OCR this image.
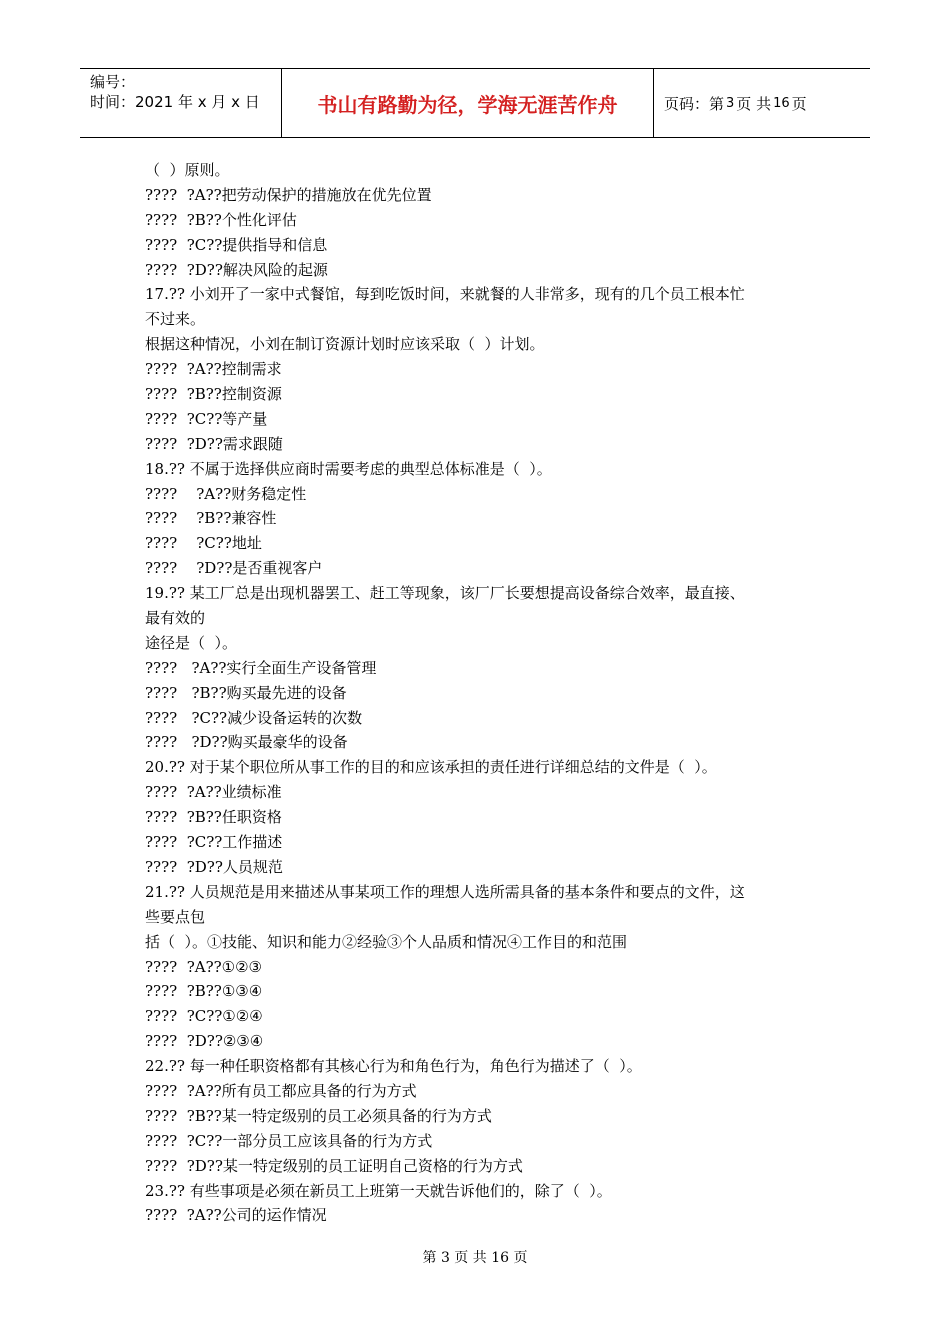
编号：
时间：2021 年 x 月 x 日	书山有路勤为径，学海无涯苦作舟	页码：第 3 页 共 16 页
（  ）原则。
????  ?A??把劳动保护的措施放在优先位置
????  ?B??个性化评估
????  ?C??提供指导和信息
????  ?D??解决风险的起源
17.?? 小刘开了一家中式餐馆，每到吃饭时间，来就餐的人非常多，现有的几个员工根本忙
不过来。
根据这种情况，小刘在制订资源计划时应该采取（  ）计划。
????  ?A??控制需求
????  ?B??控制资源
????  ?C??等产量
????  ?D??需求跟随
18.?? 不属于选择供应商时需要考虑的典型总体标准是（  ）。
????    ?A??财务稳定性
????    ?B??兼容性
????    ?C??地址
????    ?D??是否重视客户
19.?? 某工厂总是出现机器罢工、赶工等现象，该厂厂长要想提高设备综合效率，最直接、
最有效的
途径是（  ）。
????   ?A??实行全面生产设备管理
????   ?B??购买最先进的设备
????   ?C??减少设备运转的次数
????   ?D??购买最豪华的设备
20.?? 对于某个职位所从事工作的目的和应该承担的责任进行详细总结的文件是（  ）。
????  ?A??业绩标准
????  ?B??任职资格
????  ?C??工作描述
????  ?D??人员规范
21.?? 人员规范是用来描述从事某项工作的理想人选所需具备的基本条件和要点的文件，这
些要点包
括（  ）。①技能、知识和能力②经验③个人品质和情况④工作目的和范围
????  ?A??①②③
????  ?B??①③④
????  ?C??①②④
????  ?D??②③④
22.?? 每一种任职资格都有其核心行为和角色行为，角色行为描述了（  ）。
????  ?A??所有员工都应具备的行为方式
????  ?B??某一特定级别的员工必须具备的行为方式
????  ?C??一部分员工应该具备的行为方式
????  ?D??某一特定级别的员工证明自己资格的行为方式
23.?? 有些事项是必须在新员工上班第一天就告诉他们的，除了（  ）。
????  ?A??公司的运作情况
第 3 页 共 16 页
